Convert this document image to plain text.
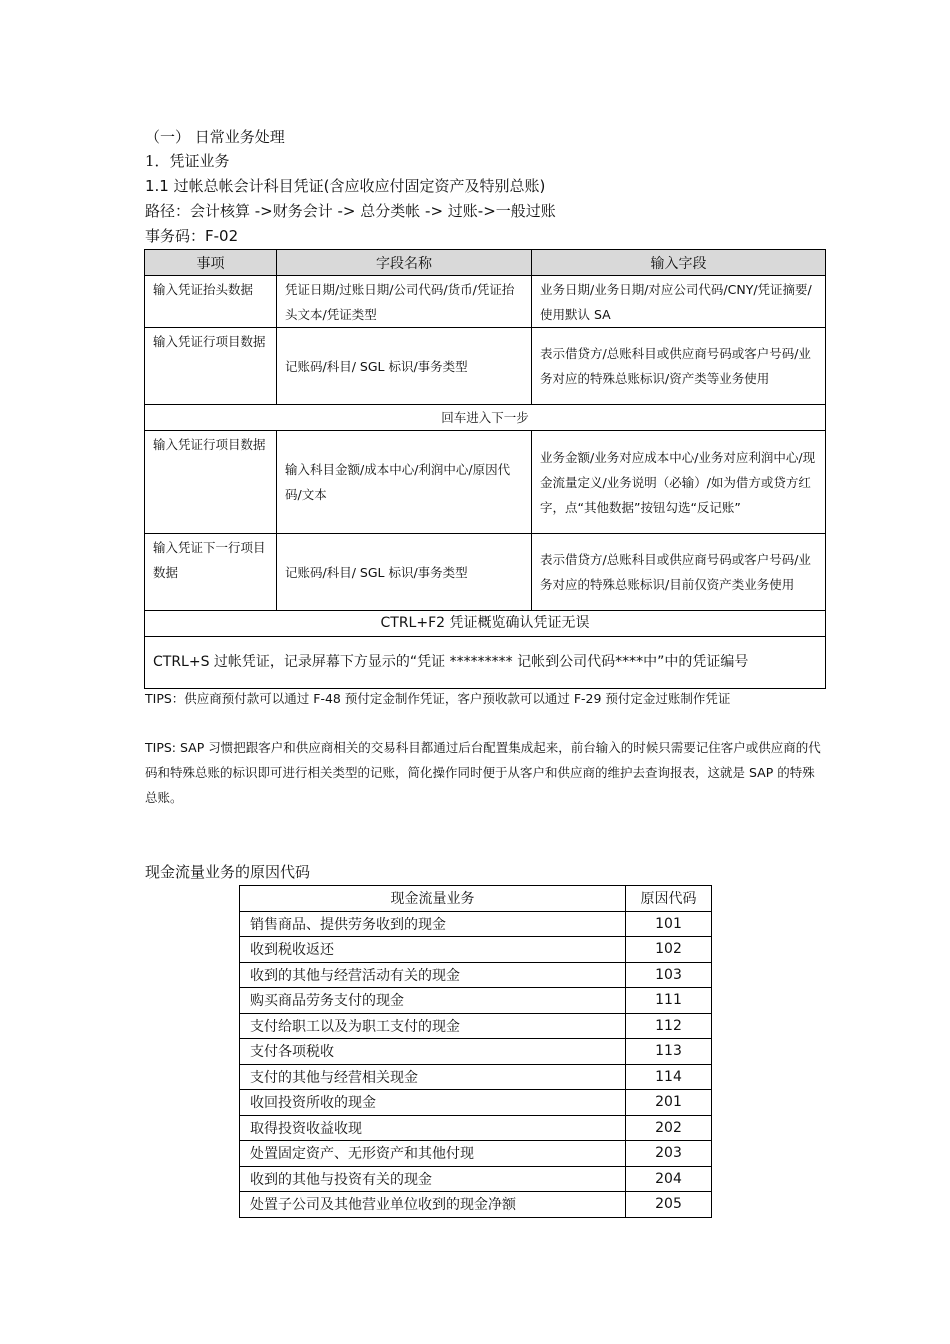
（一） 日常业务处理
1．凭证业务
1.1 过帐总帐会计科目凭证(含应收应付固定资产及特别总账)
路径：会计核算 ->财务会计 -> 总分类帐 -> 过账->一般过账
事务码：F-02
事项	字段名称	输入字段
输入凭证抬头数据	凭证日期/过账日期/公司代码/货币/凭证抬头文本/凭证类型	业务日期/业务日期/对应公司代码/CNY/凭证摘要/使用默认 SA
输入凭证行项目数据	记账码/科目/ SGL 标识/事务类型	表示借贷方/总账科目或供应商号码或客户号码/业务对应的特殊总账标识/资产类等业务使用
回车进入下一步		
输入凭证行项目数据	输入科目金额/成本中心/利润中心/原因代码/文本	业务金额/业务对应成本中心/业务对应利润中心/现金流量定义/业务说明（必输）/如为借方或贷方红字，点“其他数据”按钮勾选“反记账”
输入凭证下一行项目数据	记账码/科目/ SGL 标识/事务类型	表示借贷方/总账科目或供应商号码或客户号码/业务对应的特殊总账标识/目前仅资产类业务使用
CTRL+F2 凭证概览确认凭证无误		
CTRL+S 过帐凭证，记录屏幕下方显示的“凭证 ********* 记帐到公司代码****中”中的凭证编号		
TIPS：供应商预付款可以通过 F-48 预付定金制作凭证，客户预收款可以通过 F-29 预付定金过账制作凭证
TIPS: SAP 习惯把跟客户和供应商相关的交易科目都通过后台配置集成起来，前台输入的时候只需要记住客户或供应商的代码和特殊总账的标识即可进行相关类型的记账，简化操作同时便于从客户和供应商的维护去查询报表，这就是 SAP 的特殊总账。
现金流量业务的原因代码
现金流量业务	原因代码
销售商品、提供劳务收到的现金	101
收到税收返还	102
收到的其他与经营活动有关的现金	103
购买商品劳务支付的现金	111
支付给职工以及为职工支付的现金	112
支付各项税收	113
支付的其他与经营相关现金	114
收回投资所收的现金	201
取得投资收益收现	202
处置固定资产、无形资产和其他付现	203
收到的其他与投资有关的现金	204
处置子公司及其他营业单位收到的现金净额	205
